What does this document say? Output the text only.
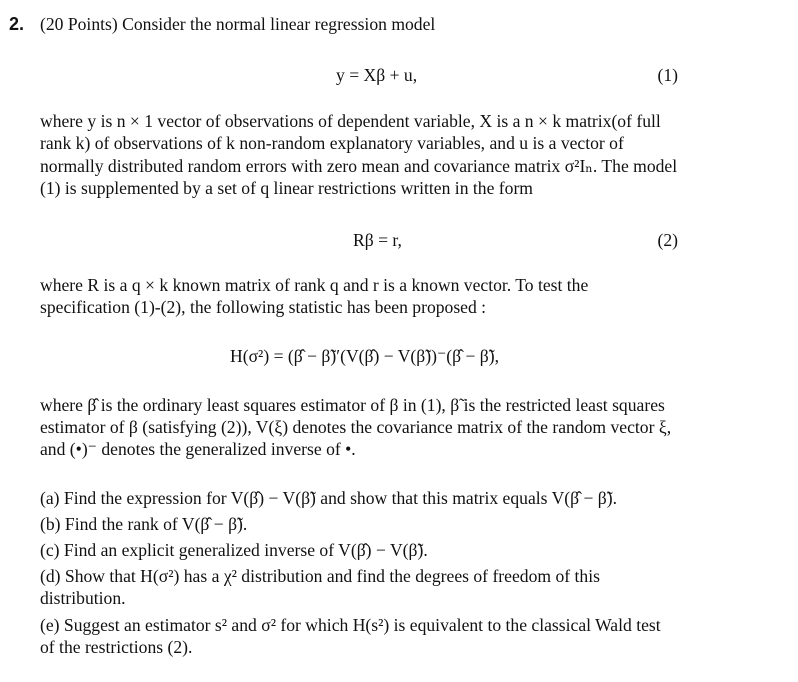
2. (20 Points) Consider the normal linear regression model
y = Xβ + u,	(1)
where y is n × 1 vector of observations of dependent variable, X is a n × k matrix(of full
rank k) of observations of k non-random explanatory variables, and u is a vector of
normally distributed random errors with zero mean and covariance matrix σ²Iₙ. The model
(1) is supplemented by a set of q linear restrictions written in the form
Rβ = r,	(2)
where R is a q × k known matrix of rank q and r is a known vector. To test the
specification (1)-(2), the following statistic has been proposed :
H(σ²) = (β̂ − β̃)′(V(β̂) − V(β̃))⁻(β̂ − β̃),
where β̂ is the ordinary least squares estimator of β in (1), β̃ is the restricted least squares
estimator of β (satisfying (2)), V(ξ) denotes the covariance matrix of the random vector ξ,
and (•)⁻ denotes the generalized inverse of •.
(a) Find the expression for V(β̂) − V(β̃) and show that this matrix equals V(β̂ − β̃).
(b) Find the rank of V(β̂ − β̃).
(c) Find an explicit generalized inverse of V(β̂) − V(β̃).
(d) Show that H(σ²) has a χ² distribution and find the degrees of freedom of this
distribution.
(e) Suggest an estimator s² and σ² for which H(s²) is equivalent to the classical Wald test
of the restrictions (2).
